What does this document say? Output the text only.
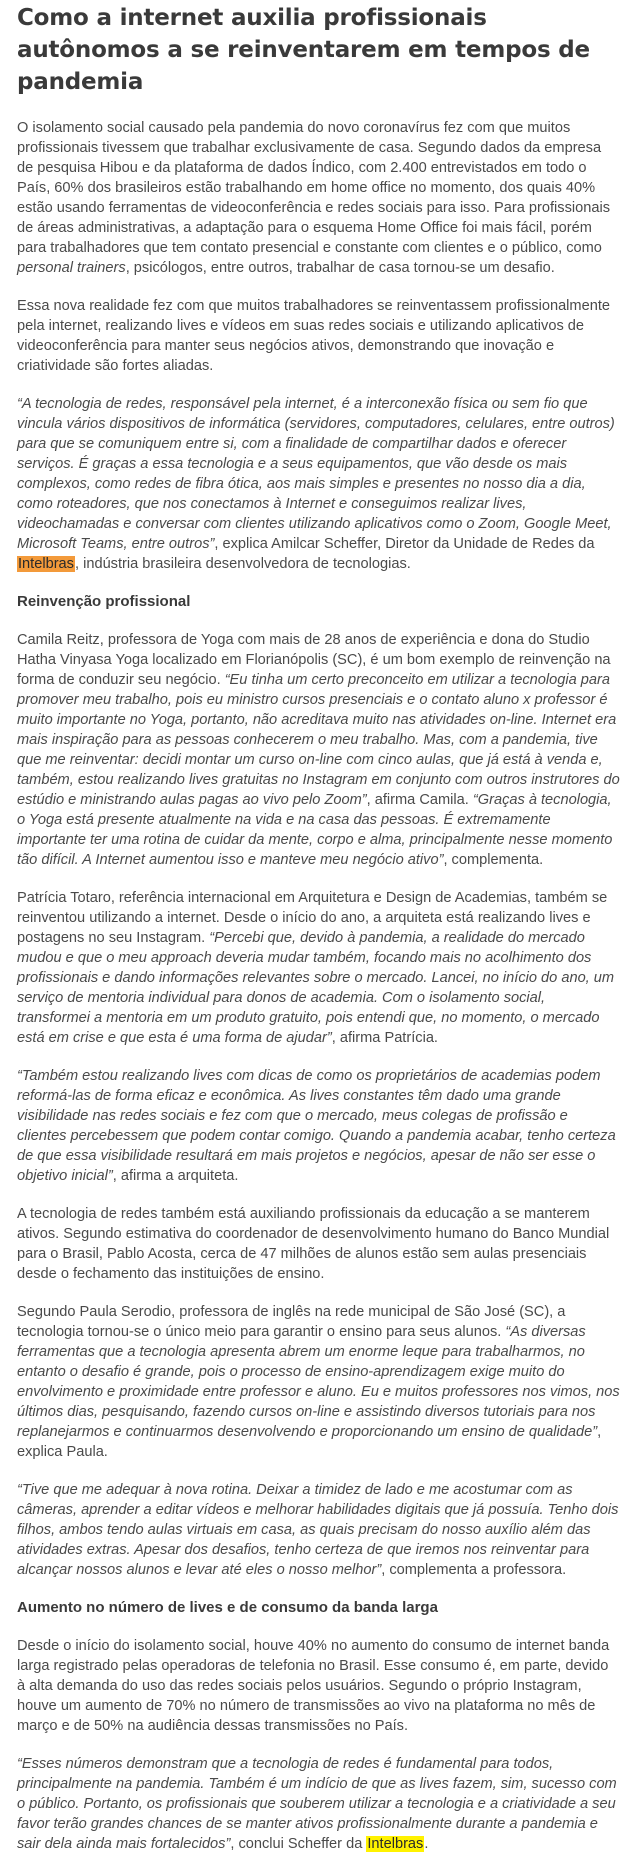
Como a internet auxilia profissionais autônomos a se reinventarem em tempos de pandemia

O isolamento social causado pela pandemia do novo coronavírus fez com que muitos profissionais tivessem que trabalhar exclusivamente de casa. Segundo dados da empresa de pesquisa Hibou e da plataforma de dados Índico, com 2.400 entrevistados em todo o País, 60% dos brasileiros estão trabalhando em home office no momento, dos quais 40% estão usando ferramentas de videoconferência e redes sociais para isso. Para profissionais de áreas administrativas, a adaptação para o esquema Home Office foi mais fácil, porém para trabalhadores que tem contato presencial e constante com clientes e o público, como personal trainers, psicólogos, entre outros, trabalhar de casa tornou-se um desafio.

Essa nova realidade fez com que muitos trabalhadores se reinventassem profissionalmente pela internet, realizando lives e vídeos em suas redes sociais e utilizando aplicativos de videoconferência para manter seus negócios ativos, demonstrando que inovação e criatividade são fortes aliadas.

“A tecnologia de redes, responsável pela internet, é a interconexão física ou sem fio que vincula vários dispositivos de informática (servidores, computadores, celulares, entre outros) para que se comuniquem entre si, com a finalidade de compartilhar dados e oferecer serviços. É graças a essa tecnologia e a seus equipamentos, que vão desde os mais complexos, como redes de fibra ótica, aos mais simples e presentes no nosso dia a dia, como roteadores, que nos conectamos à Internet e conseguimos realizar lives, videochamadas e conversar com clientes utilizando aplicativos como o Zoom, Google Meet, Microsoft Teams, entre outros”, explica Amilcar Scheffer, Diretor da Unidade de Redes da Intelbras, indústria brasileira desenvolvedora de tecnologias.

Reinvenção profissional

Camila Reitz, professora de Yoga com mais de 28 anos de experiência e dona do Studio Hatha Vinyasa Yoga localizado em Florianópolis (SC), é um bom exemplo de reinvenção na forma de conduzir seu negócio. “Eu tinha um certo preconceito em utilizar a tecnologia para promover meu trabalho, pois eu ministro cursos presenciais e o contato aluno x professor é muito importante no Yoga, portanto, não acreditava muito nas atividades on-line. Internet era mais inspiração para as pessoas conhecerem o meu trabalho. Mas, com a pandemia, tive que me reinventar: decidi montar um curso on-line com cinco aulas, que já está à venda e, também, estou realizando lives gratuitas no Instagram em conjunto com outros instrutores do estúdio e ministrando aulas pagas ao vivo pelo Zoom”, afirma Camila. “Graças à tecnologia, o Yoga está presente atualmente na vida e na casa das pessoas. É extremamente importante ter uma rotina de cuidar da mente, corpo e alma, principalmente nesse momento tão difícil. A Internet aumentou isso e manteve meu negócio ativo”, complementa.

Patrícia Totaro, referência internacional em Arquitetura e Design de Academias, também se reinventou utilizando a internet. Desde o início do ano, a arquiteta está realizando lives e postagens no seu Instagram. “Percebi que, devido à pandemia, a realidade do mercado mudou e que o meu approach deveria mudar também, focando mais no acolhimento dos profissionais e dando informações relevantes sobre o mercado. Lancei, no início do ano, um serviço de mentoria individual para donos de academia. Com o isolamento social, transformei a mentoria em um produto gratuito, pois entendi que, no momento, o mercado está em crise e que esta é uma forma de ajudar”, afirma Patrícia.

“Também estou realizando lives com dicas de como os proprietários de academias podem reformá-las de forma eficaz e econômica. As lives constantes têm dado uma grande visibilidade nas redes sociais e fez com que o mercado, meus colegas de profissão e clientes percebessem que podem contar comigo. Quando a pandemia acabar, tenho certeza de que essa visibilidade resultará em mais projetos e negócios, apesar de não ser esse o objetivo inicial”, afirma a arquiteta.

A tecnologia de redes também está auxiliando profissionais da educação a se manterem ativos. Segundo estimativa do coordenador de desenvolvimento humano do Banco Mundial para o Brasil, Pablo Acosta, cerca de 47 milhões de alunos estão sem aulas presenciais desde o fechamento das instituições de ensino.

Segundo Paula Serodio, professora de inglês na rede municipal de São José (SC), a tecnologia tornou-se o único meio para garantir o ensino para seus alunos. “As diversas ferramentas que a tecnologia apresenta abrem um enorme leque para trabalharmos, no entanto o desafio é grande, pois o processo de ensino-aprendizagem exige muito do envolvimento e proximidade entre professor e aluno. Eu e muitos professores nos vimos, nos últimos dias, pesquisando, fazendo cursos on-line e assistindo diversos tutoriais para nos replanejarmos e continuarmos desenvolvendo e proporcionando um ensino de qualidade”, explica Paula.

“Tive que me adequar à nova rotina. Deixar a timidez de lado e me acostumar com as câmeras, aprender a editar vídeos e melhorar habilidades digitais que já possuía. Tenho dois filhos, ambos tendo aulas virtuais em casa, as quais precisam do nosso auxílio além das atividades extras. Apesar dos desafios, tenho certeza de que iremos nos reinventar para alcançar nossos alunos e levar até eles o nosso melhor”, complementa a professora.

Aumento no número de lives e de consumo da banda larga

Desde o início do isolamento social, houve 40% no aumento do consumo de internet banda larga registrado pelas operadoras de telefonia no Brasil. Esse consumo é, em parte, devido à alta demanda do uso das redes sociais pelos usuários. Segundo o próprio Instagram, houve um aumento de 70% no número de transmissões ao vivo na plataforma no mês de março e de 50% na audiência dessas transmissões no País.

“Esses números demonstram que a tecnologia de redes é fundamental para todos, principalmente na pandemia. Também é um indício de que as lives fazem, sim, sucesso com o público. Portanto, os profissionais que souberem utilizar a tecnologia e a criatividade a seu favor terão grandes chances de se manter ativos profissionalmente durante a pandemia e sair dela ainda mais fortalecidos”, conclui Scheffer da Intelbras.
